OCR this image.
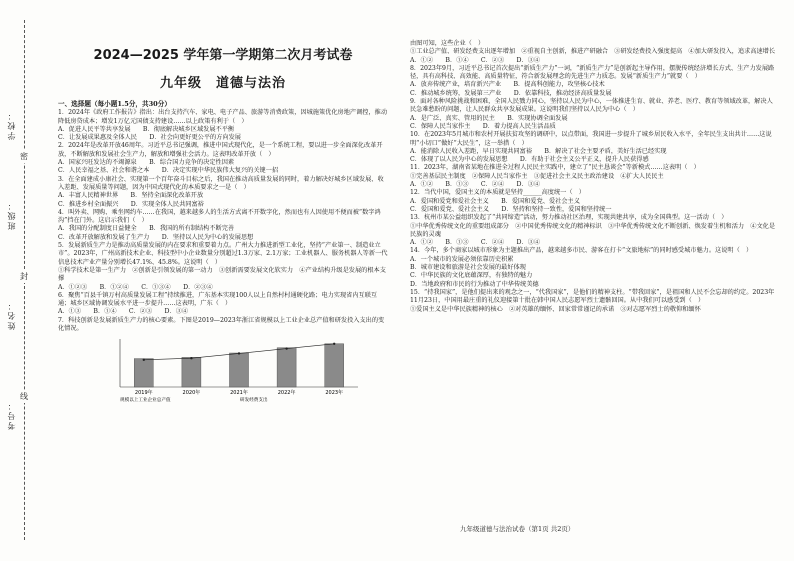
学校：
班级：
姓名：
考号：
密
封
线
2024—2025 学年第一学期第二次月考试卷
九年级　道德与法治
一、选择题（每小题1.5分，共30分）

1．2024年《政府工作报告》指出：出台支持汽车、家电、电子产品、旅游等消费政策，因城施策优化房地产调控，推动降低房贷成本；增发1万亿元国债支持建设……以上政策有利于（　）

A．促进人民平等共享发展　　B．彻底解决城乡区域发展不平衡

C．让发展成果惠及全体人民　　D．社会向更好更公平的方向发展

2．2024年是改革开放46周年。习近平总书记强调，推进中国式现代化，是一个系统工程，要以进一步全面深化改革开放，不断解放和发展社会生产力，解放和增强社会活力。这表明改革开放（　）

A．国家兴旺发达的不竭源泉　　B．综合国力竞争的决定性因素

C．人民幸福之基、社会和谐之本　　D．决定实现中华民族伟大复兴的关键一招

3．在全面建成小康社会、实现第一个百年奋斗目标之后，我国在推动高质量发展的同时，着力解决好城乡区域发展、收入差距、发展质量等问题，因为中国式现代化的本质要求之一是（　）

A．丰富人民精神世界　　B．坚持全面深化改革开放

C．推进乡村全面振兴　　D．实现全体人民共同富裕

4．叫外卖、网购、乘坐网约车……在我国，越来越多人的生活方式离不开数字化，然而也有人因使用不便而被“数字鸿沟”挡在门外。这启示我们（　）

A．我国的分配制度日益健全　　B．我国的所有制结构不断完善

C．改革开放解放和发展了生产力　　D．坚持以人民为中心的发展思想

5．发展新质生产力是推动高质量发展的内在要求和重要着力点。广州大力推进新型工业化，坚持“产业第一、制造业立市”。2023年，广州高新技术企业、科技型中小企业数量分别超过1.3万家、2.1万家；工业机器人、服务机器人等新一代信息技术产业产量分别增长47.1%、45.8%。这说明（　）

①科学技术是第一生产力　②创新是引领发展的第一动力　③创新需要发展文化软实力　④产业结构升级是发展的根本支撑

A．①②③　　B．①②④　　C．①③④　　D．②③④

6．聚焦“百县千镇万村高质量发展工程”持续推进，广东基本实现100人以上自然村村通硬化路；电力实现省内互联互通；城乡区域协调发展水平进一步提升……这表明，广东（　）

A．①③　　B．①④　　C．②③　　D．③④

7．科技创新是发展新质生产力的核心要素。下图是2019—2023年浙江省规模以上工业企业总产值和研发投入支出的变化情况。

2019年	2020年	2021年	2022年	2023年
规模以上工业企业总产值	研发经费支出

由图可知，这些企业（　）

①工业总产值、研发经费支出逐年增加　②重视自主创新，推进产研融合　③研发经费投入强度提高　④加大研发投入，追求高速增长

A．①②　　B．①④　　C．②③　　D．③④

8．2023年9月，习近平总书记首次提出“新质生产力”一词，“新质生产力”是创新起主导作用，摆脱传统经济增长方式、生产力发展路径，具有高科技、高效能、高质量特征，符合新发展理念的先进生产力质态。发展“新质生产力”就要（　）

A．放弃传统产业，培育新兴产业　　B．提高科创能力，攻坚核心技术

C．推动城乡统筹，发展第三产业　　D．依靠科技，推动经济高质量发展

9．面对各种风险挑战和困难，全国人民戮力同心，坚持以人民为中心，一体推进生育、就业、养老、医疗、教育等领域改革，解决人民急难愁盼的问题，让人民群众共享发展成果。这说明我们坚持以人民为中心（　）

A．是广泛、真实、管用的民主　　B．实现协调全面发展

C．保障人民当家作主　　D．着力提高人民生活品质

10．在2023年5月城市和农村开展扶贫攻坚的调研中，以点带面，我国进一步提升了城乡居民收入水平，全年民生支出共计……这说明“小切口”做好“大民生”，这一举措（　）

A．能消除人民收入差距，早日实现共同富裕　　B．解决了社会主要矛盾，美好生活已经实现

C．体现了以人民为中心的发展思想　　D．有助于社会主义公平正义，提升人民获得感

11．2023年，湖南省某地在推进全过程人民民主实践中，建立了“民主恳谈会”等新模式……这表明（　）

①完善基层民主制度　②保障人民当家作主　③促进社会主义民主政治建设　④扩大人民民主

A．①②　　B．①③　　C．②④　　D．③④

12．当代中国，爱国主义的本质就是坚持______高度统一（　）

A．爱国和爱党和爱社会主义　　B．爱国和爱党、爱社会主义

C．爱国和爱党、爱社会主义　　D．坚持和坚持一致性，爱国和坚持统一

13．杭州市某公益组织发起了“共同缔造”活动，努力推动社区治理，实现共建共享，成为全国典型。这一活动（　）

①中华优秀传统文化的重要组成部分　②中国优秀传统文化的精神标识　③中华优秀传统文化不断创新、焕发着生机和活力　④文化是民族的灵魂

A．①②　　B．①③　　C．②④　　D．③④

14．今年，多个商家以城市形象为主题推出产品，越来越多市民、游客在打卡“文旅地标”的同时感受城市魅力。这说明（　）

A．一个城市的发展必须依靠历史积累

B．城市建设和旅游是社会发展的最好体现

C．中华民族的文化底蕴深厚，有独特的魅力

D．当地政府和市民的行为推动了中华传统美德

15．“持我国家”，是他们提出来的观念之一，“代我国家”，是他们的精神支柱。“带我回家”，是祖国和人民不会忘却的约定。2023年11月23日，中国用最庄重的礼仪迎接第十批在韩中国人民志愿军烈士遗骸回国。从中我们可以感受到（　）

①爱国主义是中华民族精神的核心　②对英雄的缅怀、回家常常谨记的承诺　③对志愿军烈士的敬仰和缅怀

九年级道德与法治试卷（第1页 共2页）
